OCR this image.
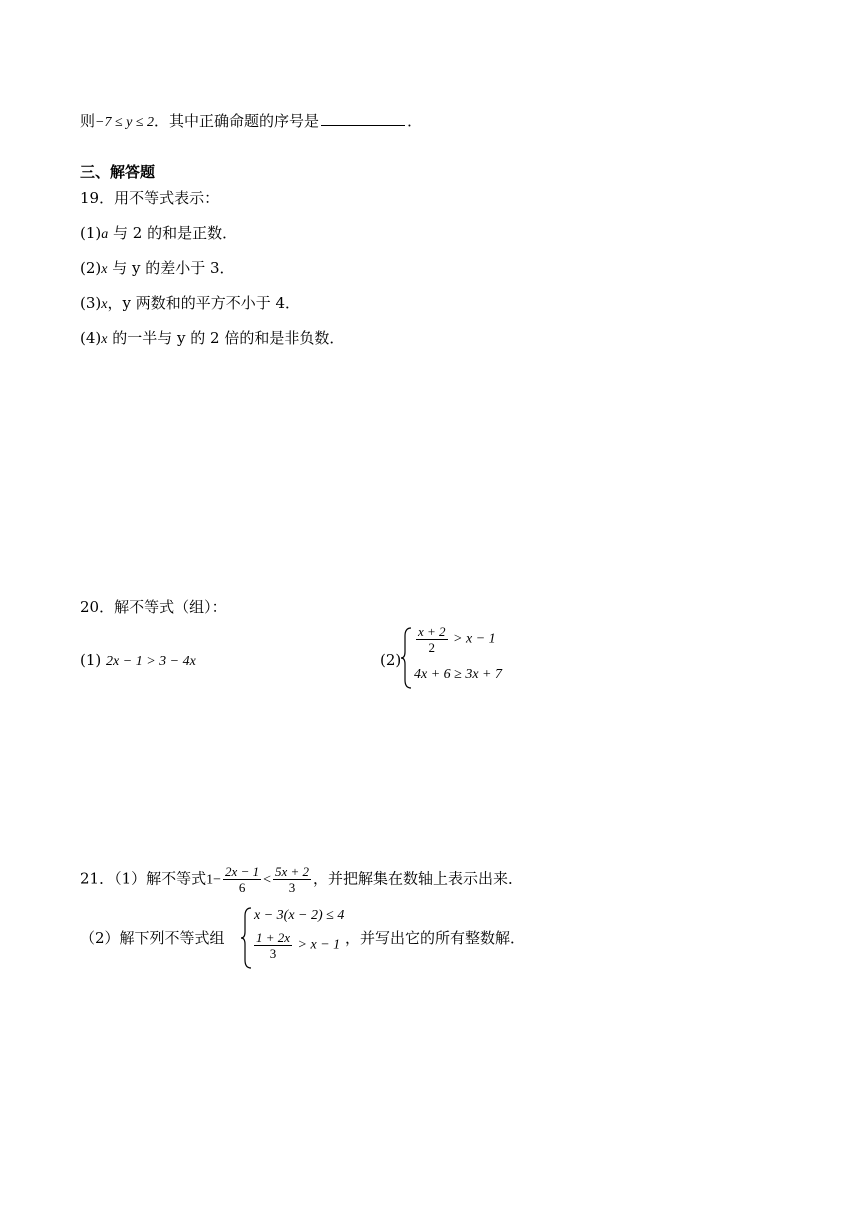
则−7 ≤ y ≤ 2．其中正确命题的序号是	．
三、解答题
19．用不等式表示：
(1)a 与 2 的和是正数．
(2)x 与 y 的差小于 3．
(3)x，y 两数和的平方不小于 4．
(4)x 的一半与 y 的 2 倍的和是非负数．
20．解不等式（组）：
(1) 2x − 1 > 3 − 4x	(2)
$\frac{x + 2}{2} > x - 1$
4x + 6 ≥ 3x + 7
21．（1）解不等式$1- \frac{2x - 1}{6} < \frac{5x + 2}{3}$ ，并把解集在数轴上表示出来．
（2）解下列不等式组
x − 3(x − 2) ≤ 4
$\frac{1 + 2x}{3} > x - 1$ ，并写出它的所有整数解．
